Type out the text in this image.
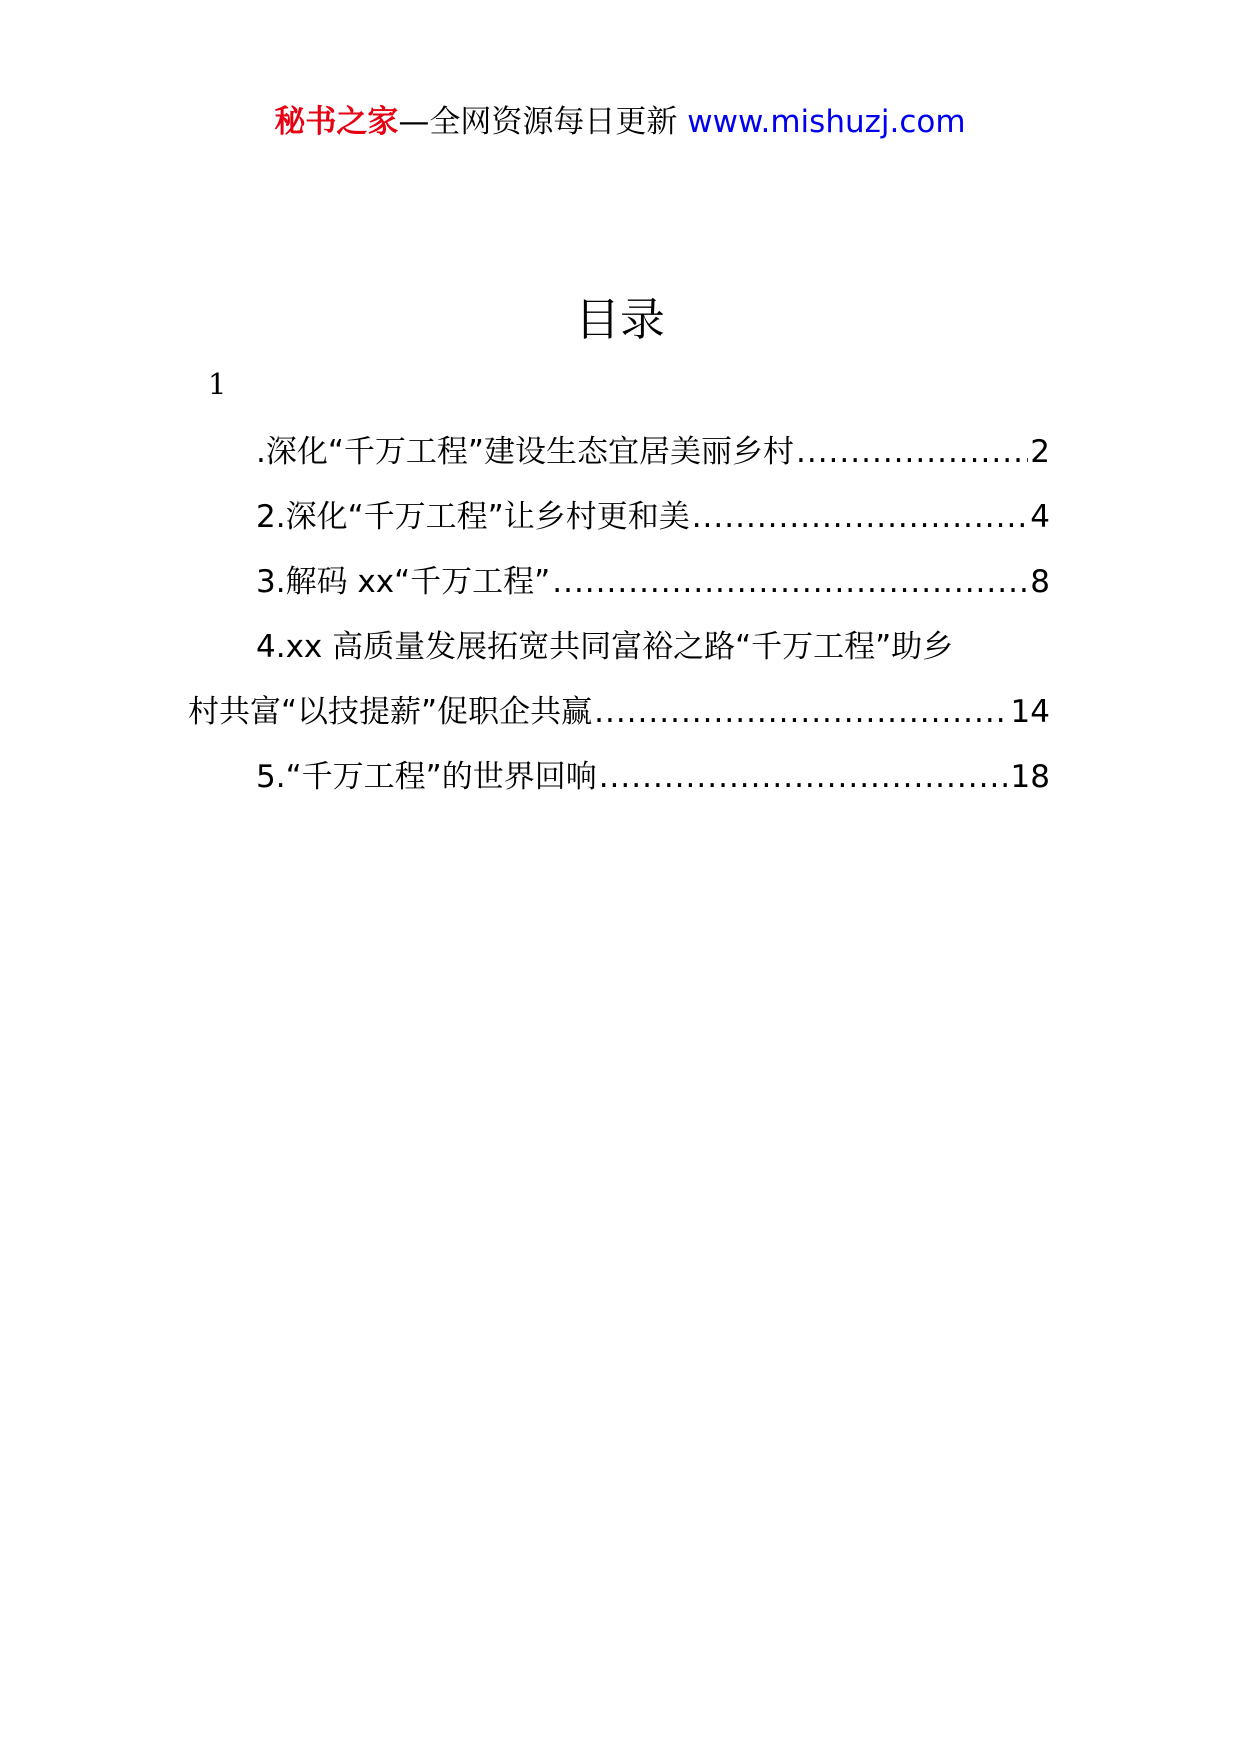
秘书之家—全网资源每日更新 www.mishuzj.com
目录
1
.深化“千万工程”建设生态宜居美丽乡村 .....	2
2.深化“千万工程”让乡村更和美 .....	4
3.解码 xx“千万工程” .....	8
4.xx 高质量发展拓宽共同富裕之路“千万工程”助乡
村共富“以技提薪”促职企共赢 .....	14
5.“千万工程”的世界回响 .....	18
